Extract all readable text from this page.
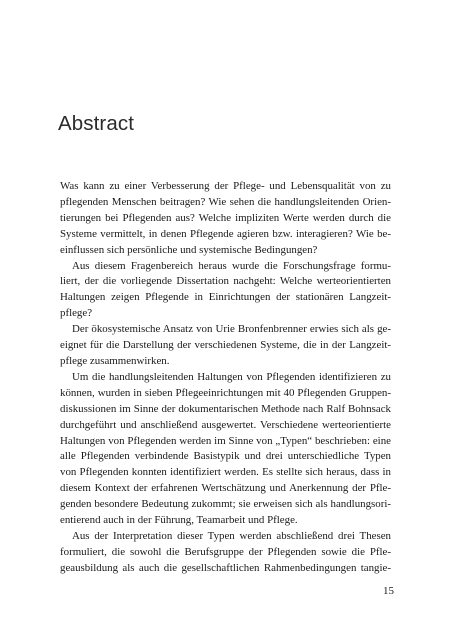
Abstract

Was kann zu einer Verbesserung der Pflege- und Lebensqualität von zu
pflegenden Menschen beitragen? Wie sehen die handlungsleitenden Orien-
tierungen bei Pflegenden aus? Welche impliziten Werte werden durch die
Systeme vermittelt, in denen Pflegende agieren bzw. interagieren? Wie be-
einflussen sich persönliche und systemische Bedingungen?

Aus diesem Fragenbereich heraus wurde die Forschungsfrage formu-
liert, der die vorliegende Dissertation nachgeht: Welche werteorientierten
Haltungen zeigen Pflegende in Einrichtungen der stationären Langzeit-
pflege?

Der ökosystemische Ansatz von Urie Bronfenbrenner erwies sich als ge-
eignet für die Darstellung der verschiedenen Systeme, die in der Langzeit-
pflege zusammenwirken.

Um die handlungsleitenden Haltungen von Pflegenden identifizieren zu
können, wurden in sieben Pflegeeinrichtungen mit 40 Pflegenden Gruppen-
diskussionen im Sinne der dokumentarischen Methode nach Ralf Bohnsack
durchgeführt und anschließend ausgewertet. Verschiedene werteorientierte
Haltungen von Pflegenden werden im Sinne von „Typen“ beschrieben: eine
alle Pflegenden verbindende Basistypik und drei unterschiedliche Typen
von Pflegenden konnten identifiziert werden. Es stellte sich heraus, dass in
diesem Kontext der erfahrenen Wertschätzung und Anerkennung der Pfle-
genden besondere Bedeutung zukommt; sie erweisen sich als handlungsori-
entierend auch in der Führung, Teamarbeit und Pflege.

Aus der Interpretation dieser Typen werden abschließend drei Thesen
formuliert, die sowohl die Berufsgruppe der Pflegenden sowie die Pfle-
geausbildung als auch die gesellschaftlichen Rahmenbedingungen tangie-

15
